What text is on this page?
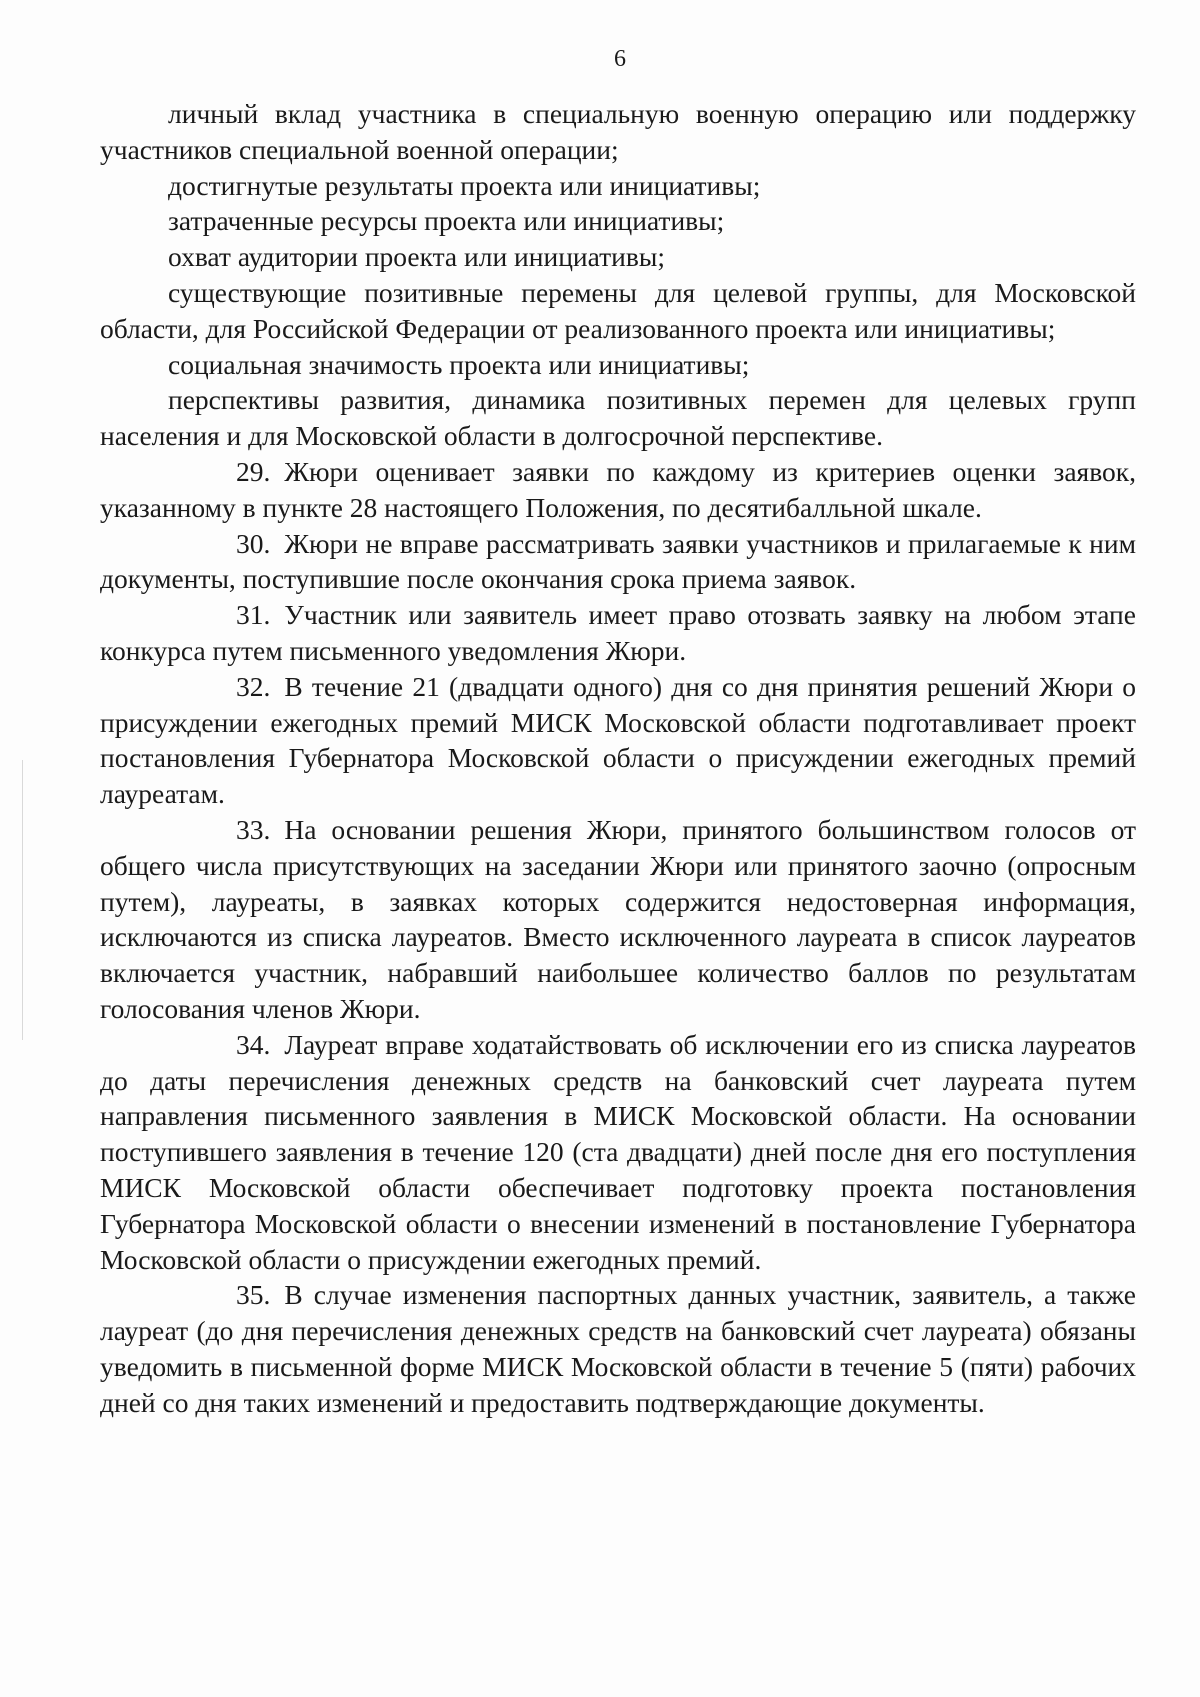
6

личный вклад участника в специальную военную операцию или поддержку участников специальной военной операции;

достигнутые результаты проекта или инициативы;

затраченные ресурсы проекта или инициативы;

охват аудитории проекта или инициативы;

существующие позитивные перемены для целевой группы, для Московской области, для Российской Федерации от реализованного проекта или инициативы;

социальная значимость проекта или инициативы;

перспективы развития, динамика позитивных перемен для целевых групп населения и для Московской области в долгосрочной перспективе.

29. Жюри оценивает заявки по каждому из критериев оценки заявок, указанному в пункте 28 настоящего Положения, по десятибалльной шкале.

30. Жюри не вправе рассматривать заявки участников и прилагаемые к ним документы, поступившие после окончания срока приема заявок.

31. Участник или заявитель имеет право отозвать заявку на любом этапе конкурса путем письменного уведомления Жюри.

32. В течение 21 (двадцати одного) дня со дня принятия решений Жюри о присуждении ежегодных премий МИСК Московской области подготавливает проект постановления Губернатора Московской области о присуждении ежегодных премий лауреатам.

33. На основании решения Жюри, принятого большинством голосов от общего числа присутствующих на заседании Жюри или принятого заочно (опросным путем), лауреаты, в заявках которых содержится недостоверная информация, исключаются из списка лауреатов. Вместо исключенного лауреата в список лауреатов включается участник, набравший наибольшее количество баллов по результатам голосования членов Жюри.

34. Лауреат вправе ходатайствовать об исключении его из списка лауреатов до даты перечисления денежных средств на банковский счет лауреата путем направления письменного заявления в МИСК Московской области. На основании поступившего заявления в течение 120 (ста двадцати) дней после дня его поступления МИСК Московской области обеспечивает подготовку проекта постановления Губернатора Московской области о внесении изменений в постановление Губернатора Московской области о присуждении ежегодных премий.

35. В случае изменения паспортных данных участник, заявитель, а также лауреат (до дня перечисления денежных средств на банковский счет лауреата) обязаны уведомить в письменной форме МИСК Московской области в течение 5 (пяти) рабочих дней со дня таких изменений и предоставить подтверждающие документы.
